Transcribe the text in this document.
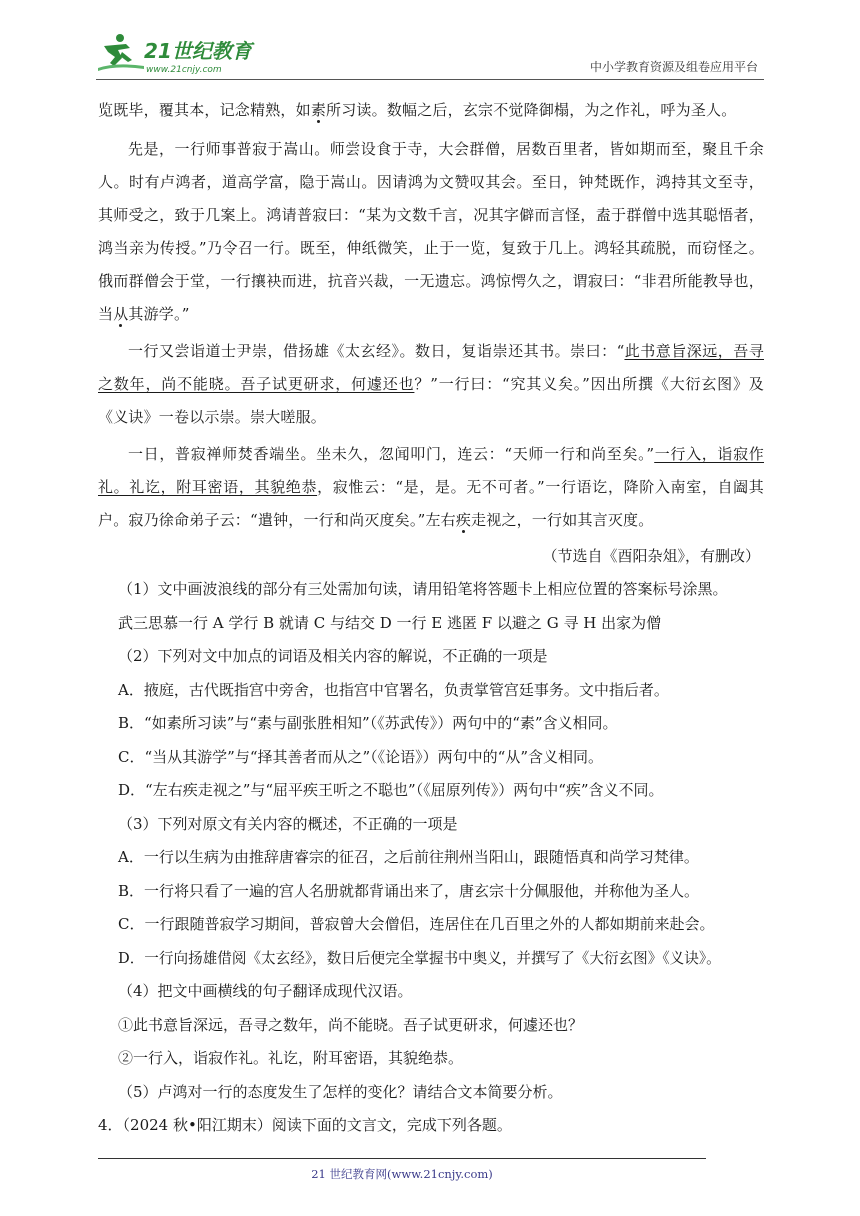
21世纪教育
www.21cnjy.com	中小学教育资源及组卷应用平台

览既毕，覆其本，记念精熟，如素所习读。数幅之后，玄宗不觉降御榻，为之作礼，呼为圣人。

先是，一行师事普寂于嵩山。师尝设食于寺，大会群僧，居数百里者，皆如期而至，聚且千余人。时有卢鸿者，道高学富，隐于嵩山。因请鸿为文赞叹其会。至日，钟梵既作，鸿持其文至寺，其师受之，致于几案上。鸿请普寂曰：“某为文数千言，况其字僻而言怪，盍于群僧中选其聪悟者，鸿当亲为传授。”乃令召一行。既至，伸纸微笑，止于一览，复致于几上。鸿轻其疏脱，而窃怪之。俄而群僧会于堂，一行攘袂而进，抗音兴裁，一无遗忘。鸿惊愕久之，谓寂曰：“非君所能教导也，当从其游学。”

一行又尝诣道士尹崇，借扬雄《太玄经》。数日，复诣崇还其书。崇曰：“此书意旨深远，吾寻之数年，尚不能晓。吾子试更研求，何遽还也？”一行曰：“究其义矣。”因出所撰《大衍玄图》及《义诀》一卷以示崇。崇大嗟服。

一日，普寂禅师焚香端坐。坐未久，忽闻叩门，连云：“天师一行和尚至矣。”一行入，诣寂作礼。礼讫，附耳密语，其貌绝恭，寂惟云：“是，是。无不可者。”一行语讫，降阶入南室，自阖其户。寂乃徐命弟子云：“遣钟，一行和尚灭度矣。”左右疾走视之，一行如其言灭度。

（节选自《酉阳杂俎》，有删改）

（1）文中画波浪线的部分有三处需加句读，请用铅笔将答题卡上相应位置的答案标号涂黑。

武三思慕一行 A 学行 B 就请 C 与结交 D 一行 E 逃匿 F 以避之 G 寻 H 出家为僧

（2）下列对文中加点的词语及相关内容的解说，不正确的一项是

A．掖庭，古代既指宫中旁舍，也指宫中官署名，负责掌管宫廷事务。文中指后者。

B．“如素所习读”与“素与副张胜相知”（《苏武传》）两句中的“素”含义相同。

C．“当从其游学”与“择其善者而从之”（《论语》）两句中的“从”含义相同。

D．“左右疾走视之”与“屈平疾王听之不聪也”（《屈原列传》）两句中“疾”含义不同。

（3）下列对原文有关内容的概述，不正确的一项是

A．一行以生病为由推辞唐睿宗的征召，之后前往荆州当阳山，跟随悟真和尚学习梵律。

B．一行将只看了一遍的宫人名册就都背诵出来了，唐玄宗十分佩服他，并称他为圣人。

C．一行跟随普寂学习期间，普寂曾大会僧侣，连居住在几百里之外的人都如期前来赴会。

D．一行向扬雄借阅《太玄经》，数日后便完全掌握书中奥义，并撰写了《大衍玄图》《义诀》。

（4）把文中画横线的句子翻译成现代汉语。

①此书意旨深远，吾寻之数年，尚不能晓。吾子试更研求，何遽还也？

②一行入，诣寂作礼。礼讫，附耳密语，其貌绝恭。

（5）卢鸿对一行的态度发生了怎样的变化？请结合文本简要分析。

4．（2024 秋•阳江期末）阅读下面的文言文，完成下列各题。

21 世纪教育网(www.21cnjy.com)
